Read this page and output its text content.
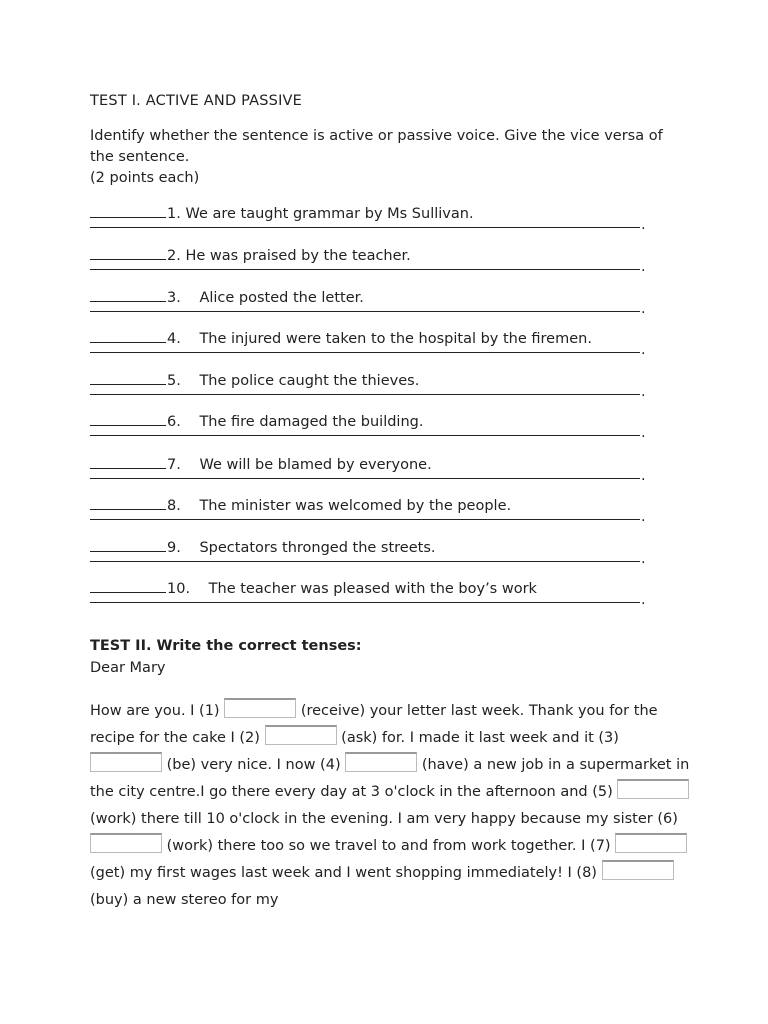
TEST I. ACTIVE AND PASSIVE
Identify whether the sentence is active or passive voice. Give the vice versa of the sentence.
(2 points each)
1. We are taught grammar by Ms Sullivan.
.
2. He was praised by the teacher.
.
3. Alice posted the letter.
.
4. The injured were taken to the hospital by the firemen.
.
5. The police caught the thieves.
.
6. The fire damaged the building.
.
7. We will be blamed by everyone.
.
8. The minister was welcomed by the people.
.
9. Spectators thronged the streets.
.
10. The teacher was pleased with the boy’s work
.
TEST II. Write the correct tenses:
Dear Mary
How are you. I (1)	(receive) your letter last week. Thank you for the recipe for the cake I (2)	(ask) for. I made it last week and it (3)  (be) very nice. I now (4)	(have) a new job in a supermarket in the city centre.I go there every day at 3 o'clock in the afternoon and (5)  (work) there till 10 o'clock in the evening. I am very happy because my sister (6)  (work) there too so we travel to and from work together. I (7)  (get) my first wages last week and I went shopping immediately! I (8)  (buy) a new stereo for my
